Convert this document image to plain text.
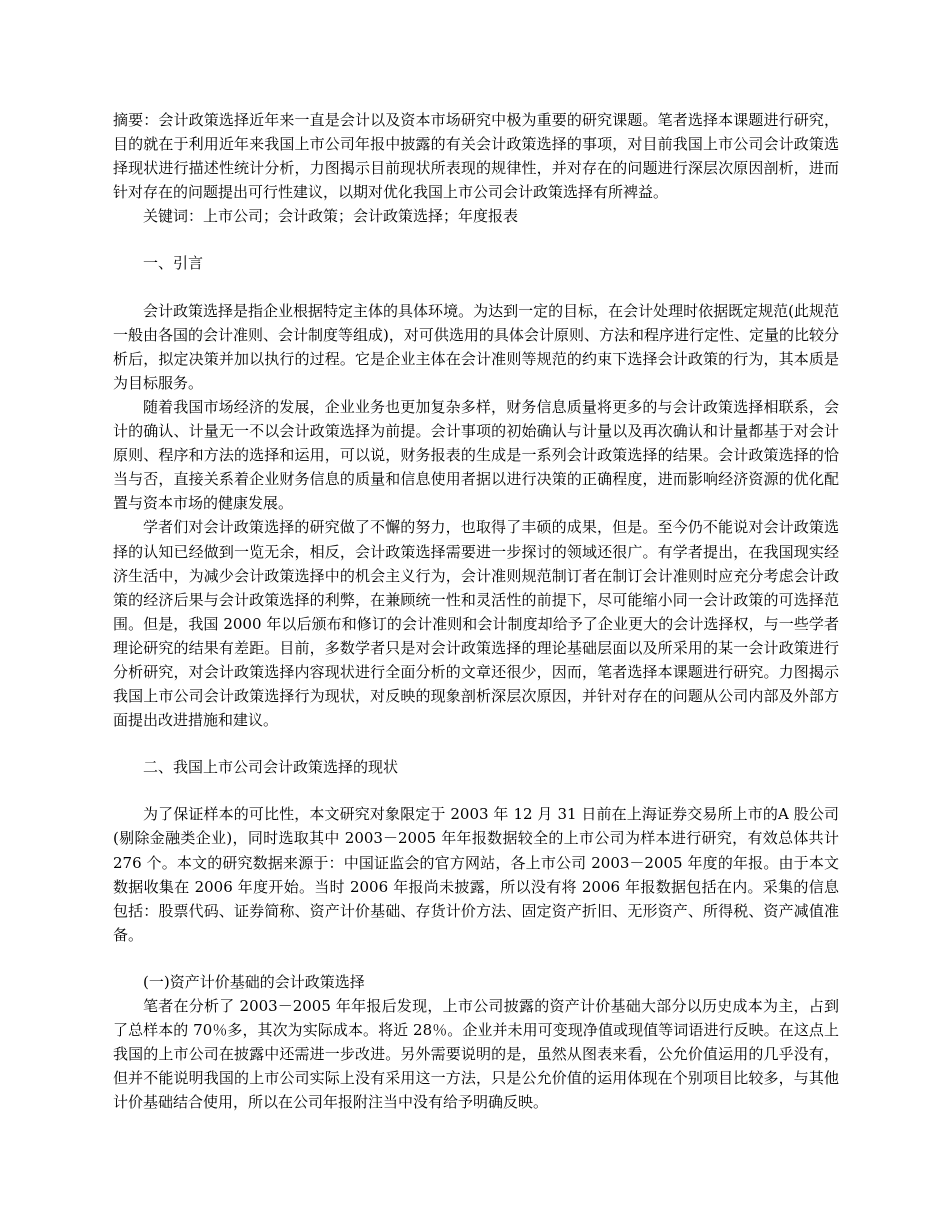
摘要：会计政策选择近年来一直是会计以及资本市场研究中极为重要的研究课题。笔者选择本课题进行研究，目的就在于利用近年来我国上市公司年报中披露的有关会计政策选择的事项，对目前我国上市公司会计政策选择现状进行描述性统计分析，力图揭示目前现状所表现的规律性，并对存在的问题进行深层次原因剖析，进而针对存在的问题提出可行性建议，以期对优化我国上市公司会计政策选择有所裨益。

关键词：上市公司；会计政策；会计政策选择；年度报表

一、引言

会计政策选择是指企业根据特定主体的具体环境。为达到一定的目标，在会计处理时依据既定规范(此规范一般由各国的会计准则、会计制度等组成)，对可供选用的具体会计原则、方法和程序进行定性、定量的比较分析后，拟定决策并加以执行的过程。它是企业主体在会计准则等规范的约束下选择会计政策的行为，其本质是为目标服务。

随着我国市场经济的发展，企业业务也更加复杂多样，财务信息质量将更多的与会计政策选择相联系，会计的确认、计量无一不以会计政策选择为前提。会计事项的初始确认与计量以及再次确认和计量都基于对会计原则、程序和方法的选择和运用，可以说，财务报表的生成是一系列会计政策选择的结果。会计政策选择的恰当与否，直接关系着企业财务信息的质量和信息使用者据以进行决策的正确程度，进而影响经济资源的优化配置与资本市场的健康发展。

学者们对会计政策选择的研究做了不懈的努力，也取得了丰硕的成果，但是。至今仍不能说对会计政策选择的认知已经做到一览无余，相反，会计政策选择需要进一步探讨的领域还很广。有学者提出，在我国现实经济生活中，为减少会计政策选择中的机会主义行为，会计准则规范制订者在制订会计准则时应充分考虑会计政策的经济后果与会计政策选择的利弊，在兼顾统一性和灵活性的前提下，尽可能缩小同一会计政策的可选择范围。但是，我国 2000 年以后颁布和修订的会计准则和会计制度却给予了企业更大的会计选择权，与一些学者理论研究的结果有差距。目前，多数学者只是对会计政策选择的理论基础层面以及所采用的某一会计政策进行分析研究，对会计政策选择内容现状进行全面分析的文章还很少，因而，笔者选择本课题进行研究。力图揭示我国上市公司会计政策选择行为现状，对反映的现象剖析深层次原因，并针对存在的问题从公司内部及外部方面提出改进措施和建议。

二、我国上市公司会计政策选择的现状

为了保证样本的可比性，本文研究对象限定于 2003 年 12 月 31 日前在上海证券交易所上市的A 股公司(剔除金融类企业)，同时选取其中 2003－2005 年年报数据较全的上市公司为样本进行研究，有效总体共计 276 个。本文的研究数据来源于：中国证监会的官方网站，各上市公司 2003－2005 年度的年报。由于本文数据收集在 2006 年度开始。当时 2006 年报尚未披露，所以没有将 2006 年报数据包括在内。采集的信息包括：股票代码、证券简称、资产计价基础、存货计价方法、固定资产折旧、无形资产、所得税、资产减值准备。

(一)资产计价基础的会计政策选择

笔者在分析了 2003－2005 年年报后发现，上市公司披露的资产计价基础大部分以历史成本为主，占到了总样本的 70％多，其次为实际成本。将近 28％。企业并未用可变现净值或现值等词语进行反映。在这点上我国的上市公司在披露中还需进一步改进。另外需要说明的是，虽然从图表来看，公允价值运用的几乎没有，但并不能说明我国的上市公司实际上没有采用这一方法，只是公允价值的运用体现在个别项目比较多，与其他计价基础结合使用，所以在公司年报附注当中没有给予明确反映。
